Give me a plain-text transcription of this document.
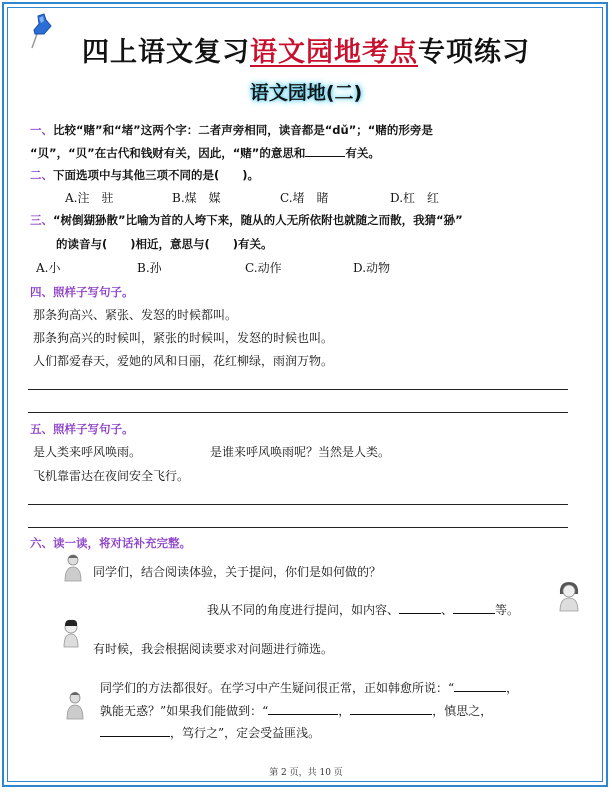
四上语文复习语文园地考点专项练习
语文园地(二)
一、比较“赌”和“堵”这两个字：二者声旁相同，读音都是“dǔ”；“赌的形旁是
“贝”，“贝”在古代和钱财有关，因此，“赌”的意思和	有关。
二、下面选项中与其他三项不同的是(　　)。
A.注　驻	B.煤　媒	C.堵　睹	D.杠　红
三、“树倒猢狲散”比喻为首的人垮下来，随从的人无所依附也就随之而散，我猜“狲”
的读音与(　　)相近，意思与(　　)有关。
A.小	B.孙	C.动作	D.动物
四、照样子写句子。
那条狗高兴、紧张、发怒的时候都叫。
那条狗高兴的时候叫，紧张的时候叫，发怒的时候也叫。
人们都爱春天，爱她的风和日丽，花红柳绿，雨润万物。
五、照样子写句子。
是人类来呼风唤雨。	是谁来呼风唤雨呢？当然是人类。
飞机靠雷达在夜间安全飞行。
六、读一读，将对话补充完整。
同学们，结合阅读体验，关于提问，你们是如何做的？
我从不同的角度进行提问，如内容、	、	等。
有时候，我会根据阅读要求对问题进行筛选。
同学们的方法都很好。在学习中产生疑问很正常，正如韩愈所说：“	，
孰能无惑？”如果我们能做到：“	，	，慎思之，
，笃行之”，定会受益匪浅。
第 2 页，共 10 页
